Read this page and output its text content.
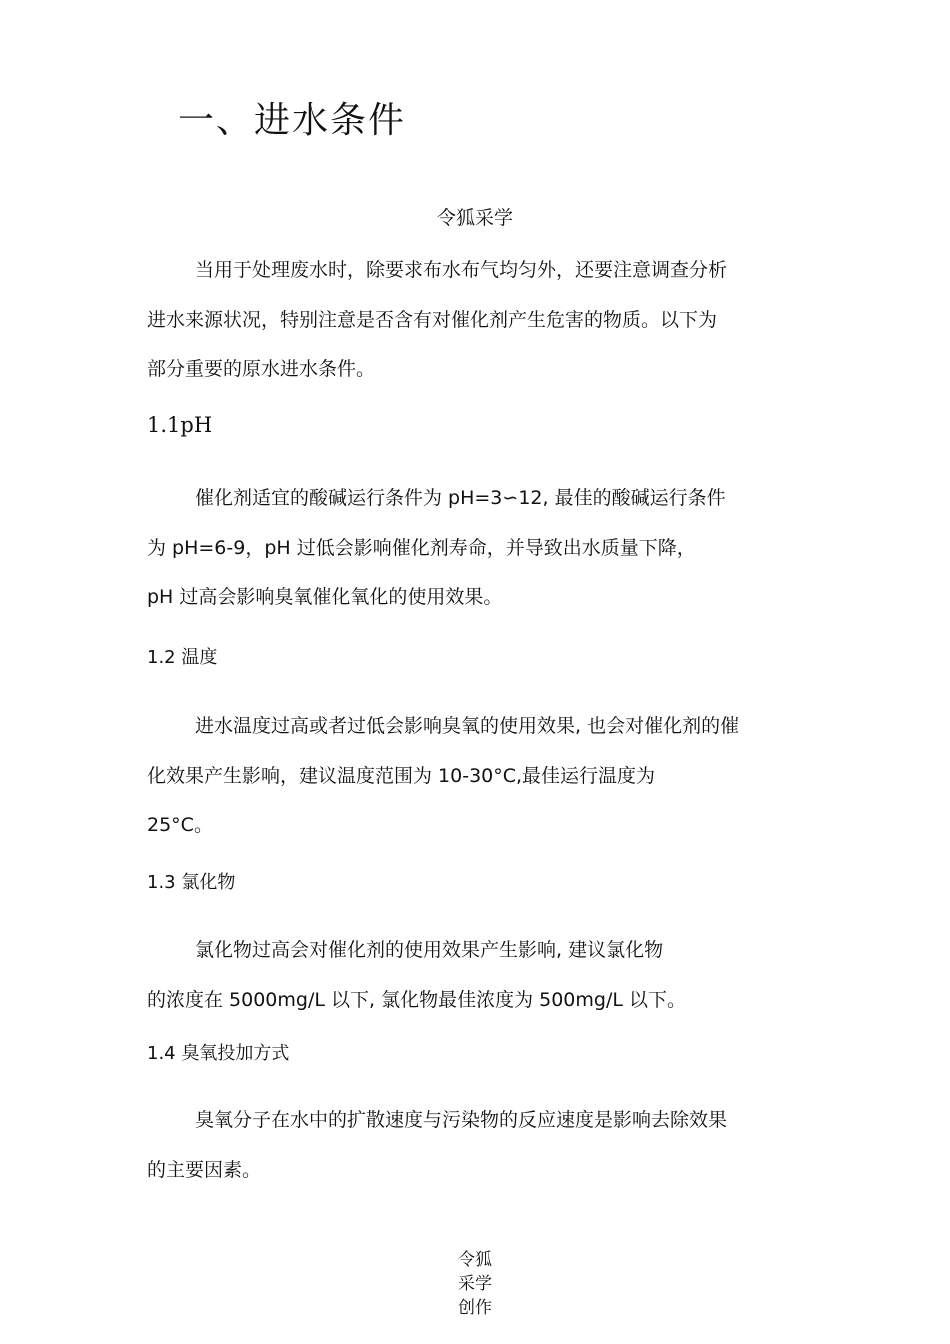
一、进水条件
令狐采学
当用于处理废水时，除要求布水布气均匀外，还要注意调查分析
进水来源状况，特别注意是否含有对催化剂产生危害的物质。以下为
部分重要的原水进水条件。
1.1pH
催化剂适宜的酸碱运行条件为 pH=3∽12, 最佳的酸碱运行条件
为 pH=6-9，pH 过低会影响催化剂寿命，并导致出水质量下降，
pH 过高会影响臭氧催化氧化的使用效果。
1.2 温度
进水温度过高或者过低会影响臭氧的使用效果, 也会对催化剂的催
化效果产生影响，建议温度范围为 10-30°C,最佳运行温度为
25°C。
1.3 氯化物
氯化物过高会对催化剂的使用效果产生影响, 建议氯化物
的浓度在 5000mg/L 以下, 氯化物最佳浓度为 500mg/L 以下。
1.4 臭氧投加方式
臭氧分子在水中的扩散速度与污染物的反应速度是影响去除效果
的主要因素。
令狐
采学
创作
